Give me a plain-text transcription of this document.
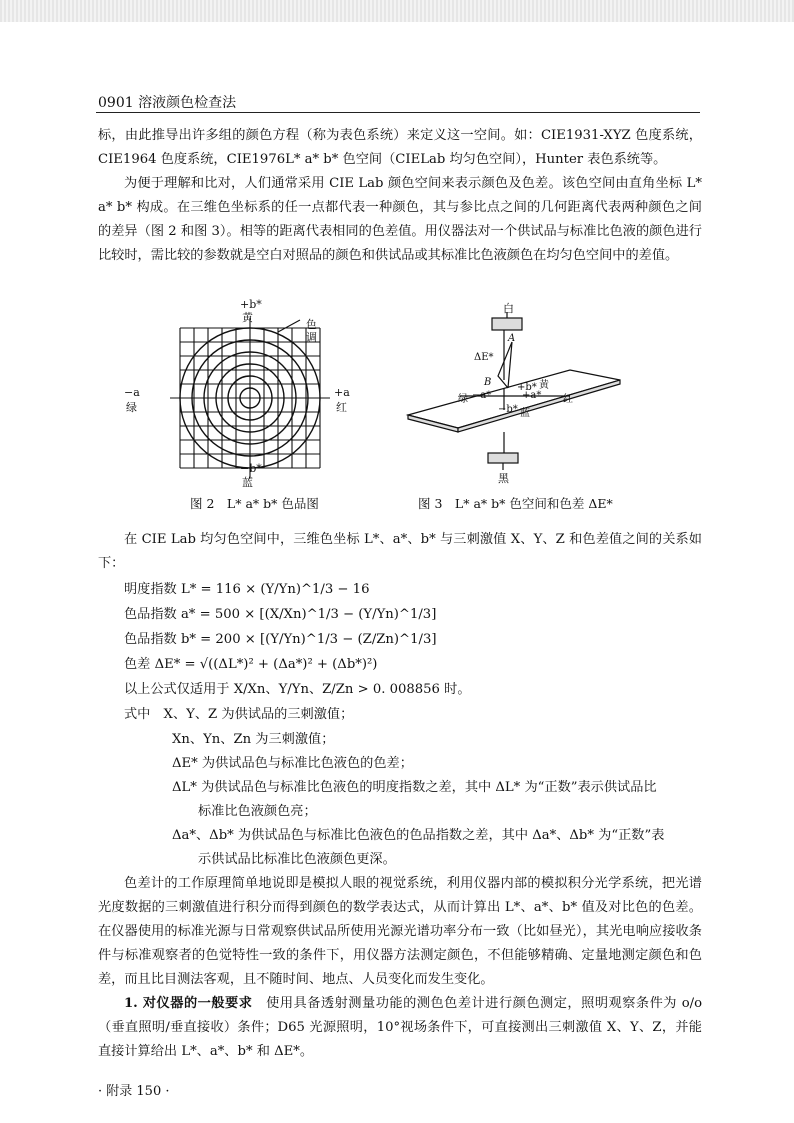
0901 溶液颜色检查法

标，由此推导出许多组的颜色方程（称为表色系统）来定义这一空间。如：CIE1931-XYZ 色度系统，CIE1964 色度系统，CIE1976L* a* b* 色空间（CIELab 均匀色空间），Hunter 表色系统等。

为便于理解和比对，人们通常采用 CIE Lab 颜色空间来表示颜色及色差。该色空间由直角坐标 L* a* b* 构成。在三维色坐标系的任一点都代表一种颜色，其与参比点之间的几何距离代表两种颜色之间的差异（图 2 和图 3）。相等的距离代表相同的色差值。用仪器法对一个供试品与标准比色液的颜色进行比较时，需比较的参数就是空白对照品的颜色和供试品或其标准比色液颜色在均匀色空间中的差值。

+b*
黄
色调
−a
绿
+a
红
−b*
蓝
图 2　L* a* b* 色品图
白
A
ΔE*
B	+b* 黄
绿 −a*	+a* 红
−b* 蓝
黑
图 3　L* a* b* 色空间和色差 ΔE*

在 CIE Lab 均匀色空间中，三维色坐标 L*、a*、b* 与三刺激值 X、Y、Z 和色差值之间的关系如下：

明度指数 L* = 116 × (Y/Yn)^1/3 − 16
色品指数 a* = 500 × [(X/Xn)^1/3 − (Y/Yn)^1/3]
色品指数 b* = 200 × [(Y/Yn)^1/3 − (Z/Zn)^1/3]
色差 ΔE* = √((ΔL*)² + (Δa*)² + (Δb*)²)
以上公式仅适用于 X/Xn、Y/Yn、Z/Zn > 0. 008856 时。
式中　X、Y、Z 为供试品的三刺激值；
Xn、Yn、Zn 为三刺激值；
ΔE* 为供试品色与标准比色液色的色差；
ΔL* 为供试品色与标准比色液色的明度指数之差，其中 ΔL* 为“正数”表示供试品比
标准比色液颜色亮；
Δa*、Δb* 为供试品色与标准比色液色的色品指数之差，其中 Δa*、Δb* 为“正数”表
示供试品比标准比色液颜色更深。

色差计的工作原理简单地说即是模拟人眼的视觉系统，利用仪器内部的模拟积分光学系统，把光谱光度数据的三刺激值进行积分而得到颜色的数学表达式，从而计算出 L*、a*、b* 值及对比色的色差。在仪器使用的标准光源与日常观察供试品所使用光源光谱功率分布一致（比如昼光），其光电响应接收条件与标准观察者的色觉特性一致的条件下，用仪器方法测定颜色，不但能够精确、定量地测定颜色和色差，而且比目测法客观，且不随时间、地点、人员变化而发生变化。

1. 对仪器的一般要求　 使用具备透射测量功能的测色色差计进行颜色测定，照明观察条件为 o/o（垂直照明/垂直接收）条件；D65 光源照明，10°视场条件下，可直接测出三刺激值 X、Y、Z，并能直接计算给出 L*、a*、b* 和 ΔE*。

· 附录 150 ·
